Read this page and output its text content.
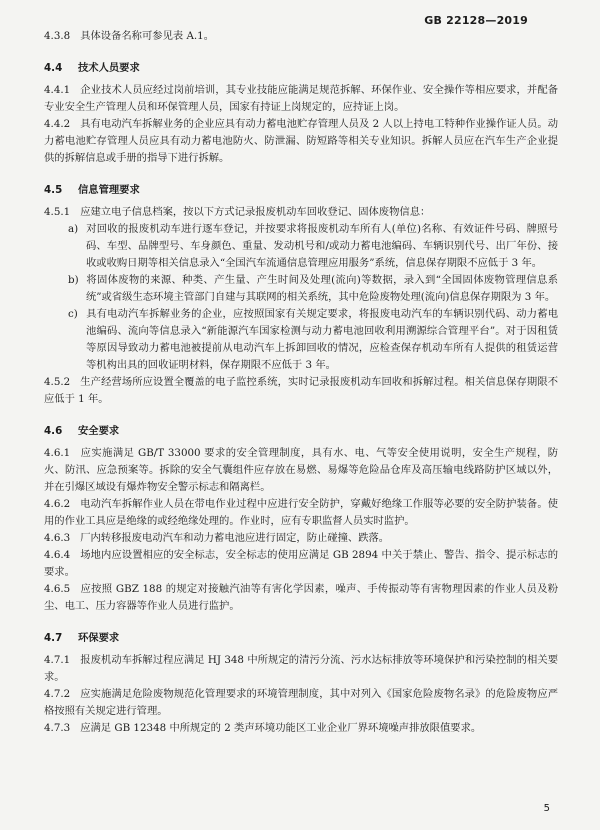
GB 22128—2019

4.3.8 具体设备名称可参见表 A.1。

4.4 技术人员要求

4.4.1 企业技术人员应经过岗前培训，其专业技能应能满足规范拆解、环保作业、安全操作等相应要求，并配备专业安全生产管理人员和环保管理人员，国家有持证上岗规定的，应持证上岗。

4.4.2 具有电动汽车拆解业务的企业应具有动力蓄电池贮存管理人员及 2 人以上持电工特种作业操作证人员。动力蓄电池贮存管理人员应具有动力蓄电池防火、防泄漏、防短路等相关专业知识。拆解人员应在汽车生产企业提供的拆解信息或手册的指导下进行拆解。

4.5 信息管理要求

4.5.1 应建立电子信息档案，按以下方式记录报废机动车回收登记、固体废物信息：

a) 对回收的报废机动车进行逐车登记，并按要求将报废机动车所有人(单位)名称、有效证件号码、牌照号码、车型、品牌型号、车身颜色、重量、发动机号和/或动力蓄电池编码、车辆识别代号、出厂年份、接收或收购日期等相关信息录入“全国汽车流通信息管理应用服务”系统，信息保存期限不应低于 3 年。

b) 将固体废物的来源、种类、产生量、产生时间及处理(流向)等数据，录入到“全国固体废物管理信息系统”或省级生态环境主管部门自建与其联网的相关系统，其中危险废物处理(流向)信息保存期限为 3 年。

c) 具有电动汽车拆解业务的企业，应按照国家有关规定要求，将报废电动汽车的车辆识别代码、动力蓄电池编码、流向等信息录入“新能源汽车国家检测与动力蓄电池回收利用溯源综合管理平台”。对于因租赁等原因导致动力蓄电池被提前从电动汽车上拆卸回收的情况，应检查保存机动车所有人提供的租赁运营等机构出具的回收证明材料，保存期限不应低于 3 年。

4.5.2 生产经营场所应设置全覆盖的电子监控系统，实时记录报废机动车回收和拆解过程。相关信息保存期限不应低于 1 年。

4.6 安全要求

4.6.1 应实施满足 GB/T 33000 要求的安全管理制度，具有水、电、气等安全使用说明，安全生产规程，防火、防汛、应急预案等。拆除的安全气囊组件应存放在易燃、易爆等危险品仓库及高压输电线路防护区域以外，并在引爆区域设有爆炸物安全警示标志和隔离栏。

4.6.2 电动汽车拆解作业人员在带电作业过程中应进行安全防护，穿戴好绝缘工作服等必要的安全防护装备。使用的作业工具应是绝缘的或经绝缘处理的。作业时，应有专职监督人员实时监护。

4.6.3 厂内转移报废电动汽车和动力蓄电池应进行固定，防止碰撞、跌落。

4.6.4 场地内应设置相应的安全标志，安全标志的使用应满足 GB 2894 中关于禁止、警告、指令、提示标志的要求。

4.6.5 应按照 GBZ 188 的规定对接触汽油等有害化学因素，噪声、手传振动等有害物理因素的作业人员及粉尘、电工、压力容器等作业人员进行监护。

4.7 环保要求

4.7.1 报废机动车拆解过程应满足 HJ 348 中所规定的清污分流、污水达标排放等环境保护和污染控制的相关要求。

4.7.2 应实施满足危险废物规范化管理要求的环境管理制度，其中对列入《国家危险废物名录》的危险废物应严格按照有关规定进行管理。

4.7.3 应满足 GB 12348 中所规定的 2 类声环境功能区工业企业厂界环境噪声排放限值要求。

5
